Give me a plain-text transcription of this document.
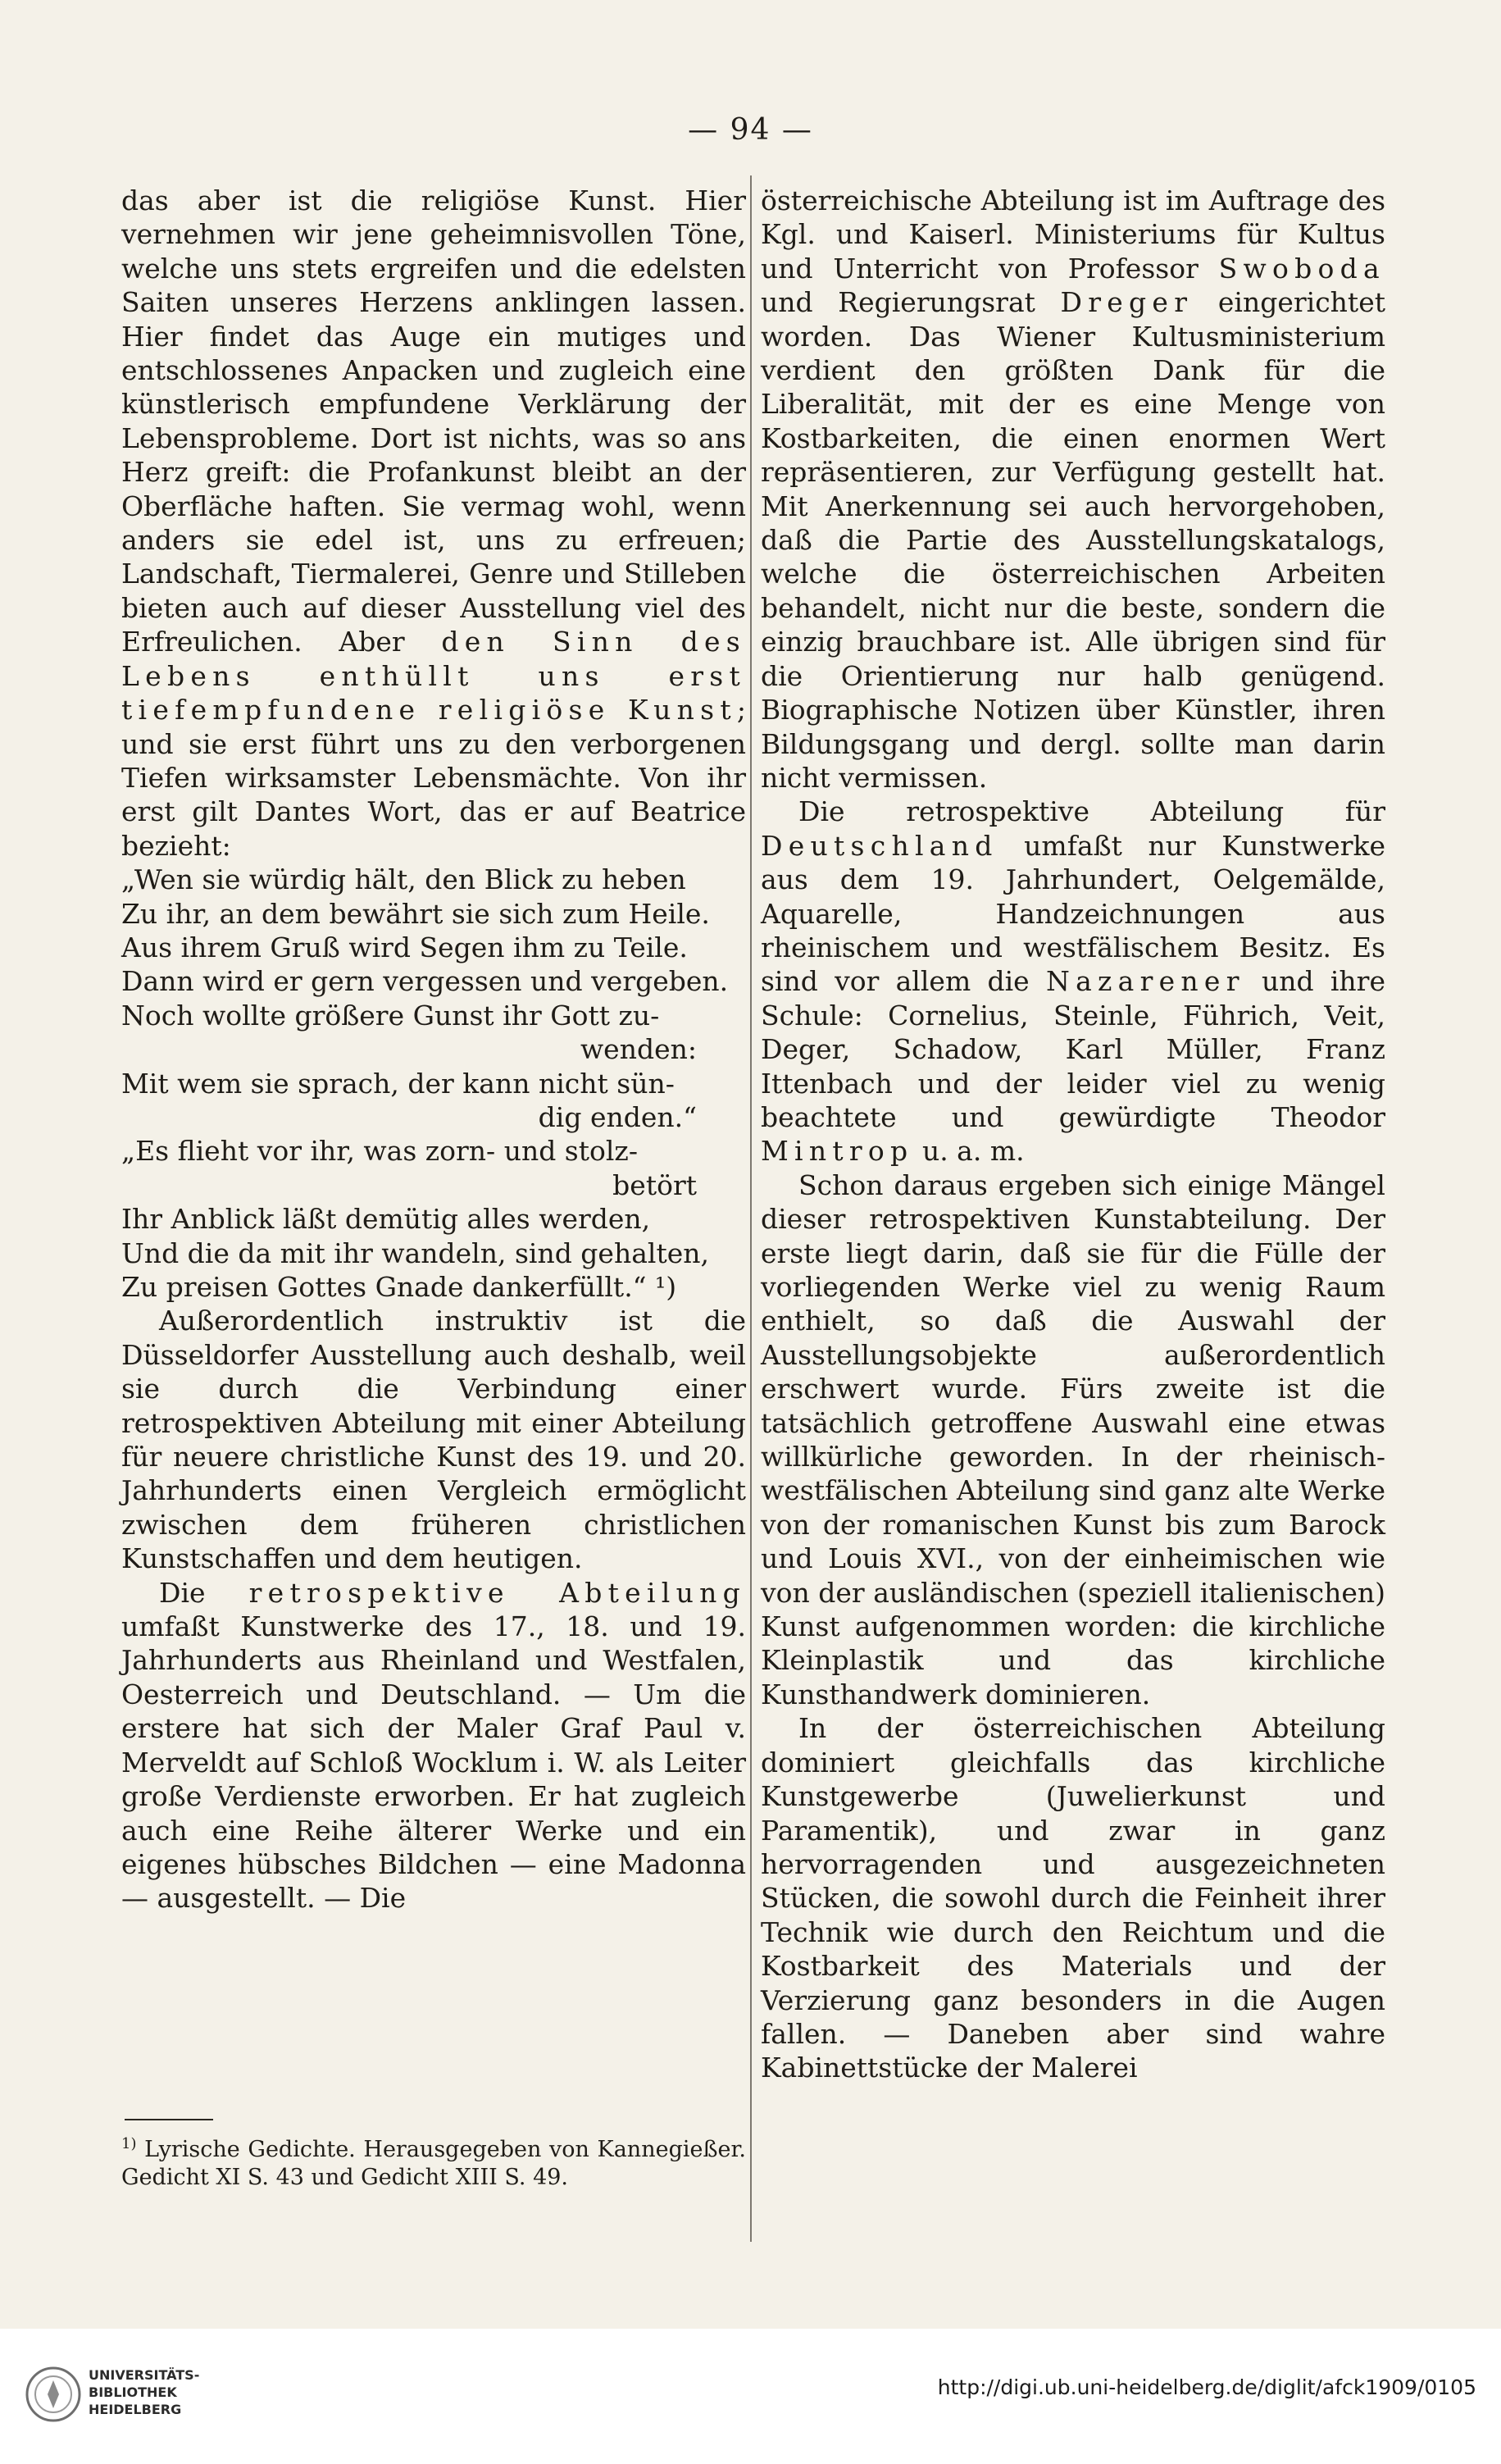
— 94 —

das aber ist die religiöse Kunst. Hier vernehmen wir jene geheimnisvollen Töne, welche uns stets ergreifen und die edelsten Saiten unseres Herzens anklingen lassen. Hier findet das Auge ein mutiges und entschlossenes Anpacken und zugleich eine künstlerisch empfundene Verklärung der Lebensprobleme. Dort ist nichts, was so ans Herz greift: die Profankunst bleibt an der Oberfläche haften. Sie vermag wohl, wenn anders sie edel ist, uns zu erfreuen; Landschaft, Tiermalerei, Genre und Stilleben bieten auch auf dieser Ausstellung viel des Erfreulichen. Aber den Sinn des Lebens enthüllt uns erst tiefempfundene religiöse Kunst; und sie erst führt uns zu den verborgenen Tiefen wirksamster Lebensmächte. Von ihr erst gilt Dantes Wort, das er auf Beatrice bezieht:

„Wen sie würdig hält, den Blick zu heben
Zu ihr, an dem bewährt sie sich zum Heile.
Aus ihrem Gruß wird Segen ihm zu Teile.
Dann wird er gern vergessen und vergeben.
Noch wollte größere Gunst ihr Gott zu-
wenden:
Mit wem sie sprach, der kann nicht sün-
dig enden.“
„Es flieht vor ihr, was zorn- und stolz-
betört
Ihr Anblick läßt demütig alles werden,
Und die da mit ihr wandeln, sind gehalten,
Zu preisen Gottes Gnade dankerfüllt.“ ¹)

Außerordentlich instruktiv ist die Düsseldorfer Ausstellung auch deshalb, weil sie durch die Verbindung einer retrospektiven Abteilung mit einer Abteilung für neuere christliche Kunst des 19. und 20. Jahrhunderts einen Vergleich ermöglicht zwischen dem früheren christlichen Kunstschaffen und dem heutigen.

Die retrospektive Abteilung umfaßt Kunstwerke des 17., 18. und 19. Jahrhunderts aus Rheinland und Westfalen, Oesterreich und Deutschland. — Um die erstere hat sich der Maler Graf Paul v. Merveldt auf Schloß Wocklum i. W. als Leiter große Verdienste erworben. Er hat zugleich auch eine Reihe älterer Werke und ein eigenes hübsches Bildchen — eine Madonna — ausgestellt. — Die

$^{1)}$ Lyrische Gedichte. Herausgegeben von Kannegießer. Gedicht XI S. 43 und Gedicht XIII S. 49.

österreichische Abteilung ist im Auftrage des Kgl. und Kaiserl. Ministeriums für Kultus und Unterricht von Professor Swoboda und Regierungsrat Dreger eingerichtet worden. Das Wiener Kultusministerium verdient den größten Dank für die Liberalität, mit der es eine Menge von Kostbarkeiten, die einen enormen Wert repräsentieren, zur Verfügung gestellt hat. Mit Anerkennung sei auch hervorgehoben, daß die Partie des Ausstellungskatalogs, welche die österreichischen Arbeiten behandelt, nicht nur die beste, sondern die einzig brauchbare ist. Alle übrigen sind für die Orientierung nur halb genügend. Biographische Notizen über Künstler, ihren Bildungsgang und dergl. sollte man darin nicht vermissen.

Die retrospektive Abteilung für Deutschland umfaßt nur Kunstwerke aus dem 19. Jahrhundert, Oelgemälde, Aquarelle, Handzeichnungen aus rheinischem und westfälischem Besitz. Es sind vor allem die Nazarener und ihre Schule: Cornelius, Steinle, Führich, Veit, Deger, Schadow, Karl Müller, Franz Ittenbach und der leider viel zu wenig beachtete und gewürdigte Theodor Mintrop u. a. m.

Schon daraus ergeben sich einige Mängel dieser retrospektiven Kunstabteilung. Der erste liegt darin, daß sie für die Fülle der vorliegenden Werke viel zu wenig Raum enthielt, so daß die Auswahl der Ausstellungsobjekte außerordentlich erschwert wurde. Fürs zweite ist die tatsächlich getroffene Auswahl eine etwas willkürliche geworden. In der rheinisch-westfälischen Abteilung sind ganz alte Werke von der romanischen Kunst bis zum Barock und Louis XVI., von der einheimischen wie von der ausländischen (speziell italienischen) Kunst aufgenommen worden: die kirchliche Kleinplastik und das kirchliche Kunsthandwerk dominieren.

In der österreichischen Abteilung dominiert gleichfalls das kirchliche Kunstgewerbe (Juwelierkunst und Paramentik), und zwar in ganz hervorragenden und ausgezeichneten Stücken, die sowohl durch die Feinheit ihrer Technik wie durch den Reichtum und die Kostbarkeit des Materials und der Verzierung ganz besonders in die Augen fallen. — Daneben aber sind wahre Kabinettstücke der Malerei

UNIVERSITÄTS-
BIBLIOTHEK
HEIDELBERG
http://digi.ub.uni-heidelberg.de/diglit/afck1909/0105
